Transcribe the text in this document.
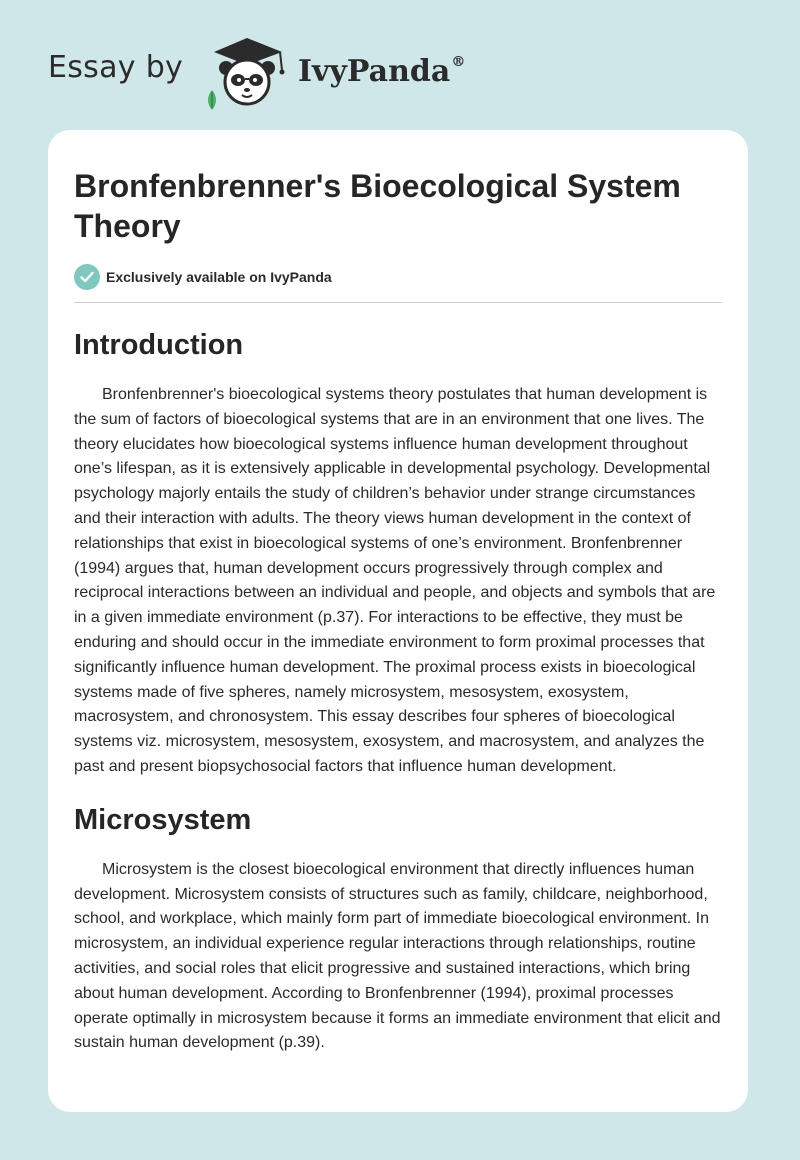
Essay by	IvyPanda®
Bronfenbrenner's Bioecological System Theory
Exclusively available on IvyPanda
Introduction

Bronfenbrenner's bioecological systems theory postulates that human development is the sum of factors of bioecological systems that are in an environment that one lives. The theory elucidates how bioecological systems influence human development throughout one’s lifespan, as it is extensively applicable in developmental psychology. Developmental psychology majorly entails the study of children’s behavior under strange circumstances and their interaction with adults. The theory views human development in the context of relationships that exist in bioecological systems of one’s environment. Bronfenbrenner (1994) argues that, human development occurs progressively through complex and reciprocal interactions between an individual and people, and objects and symbols that are in a given immediate environment (p.37). For interactions to be effective, they must be enduring and should occur in the immediate environment to form proximal processes that significantly influence human development. The proximal process exists in bioecological systems made of five spheres, namely microsystem, mesosystem, exosystem, macrosystem, and chronosystem. This essay describes four spheres of bioecological systems viz. microsystem, mesosystem, exosystem, and macrosystem, and analyzes the past and present biopsychosocial factors that influence human development.

Microsystem

Microsystem is the closest bioecological environment that directly influences human development. Microsystem consists of structures such as family, childcare, neighborhood, school, and workplace, which mainly form part of immediate bioecological environment. In microsystem, an individual experience regular interactions through relationships, routine activities, and social roles that elicit progressive and sustained interactions, which bring about human development. According to Bronfenbrenner (1994), proximal processes operate optimally in microsystem because it forms an immediate environment that elicit and sustain human development (p.39).
